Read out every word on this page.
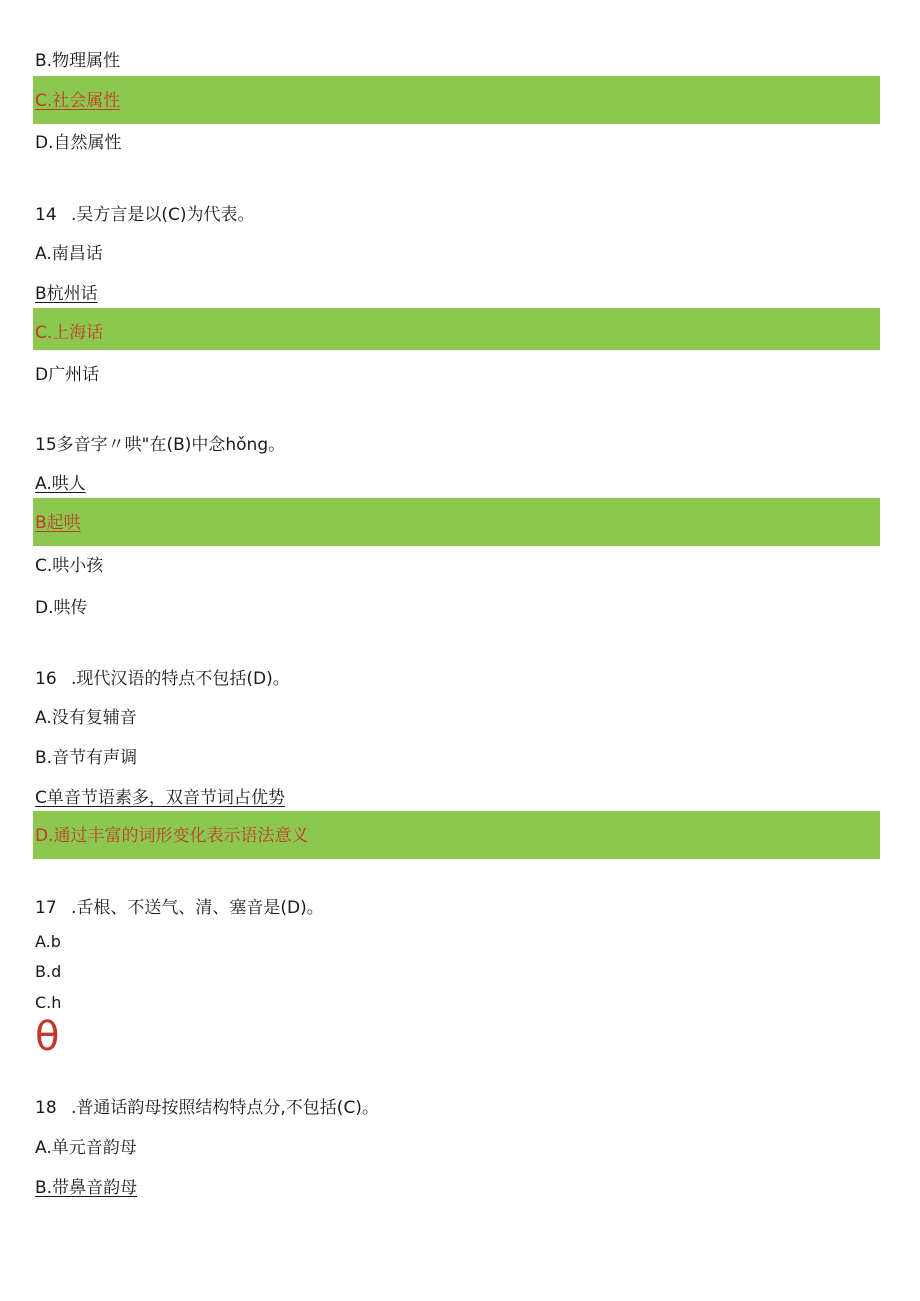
B.物理属性
C.社会属性
D.自然属性
14 .吴方言是以(C)为代表。
A.南昌话
B杭州话
C.上海话
D广州话
15多音字〃哄"在(B)中念hǒng。
A.哄人
B起哄
C.哄小孩
D.哄传
16 .现代汉语的特点不包括(D)。
A.没有复辅音
B.音节有声调
C单音节语素多，双音节词占优势
D.通过丰富的词形变化表示语法意义
17 .舌根、不送气、清、塞音是(D)。
A.b
B.d
C.h
θ
18 .普通话韵母按照结构特点分,不包括(C)。
A.单元音韵母
B.带鼻音韵母
